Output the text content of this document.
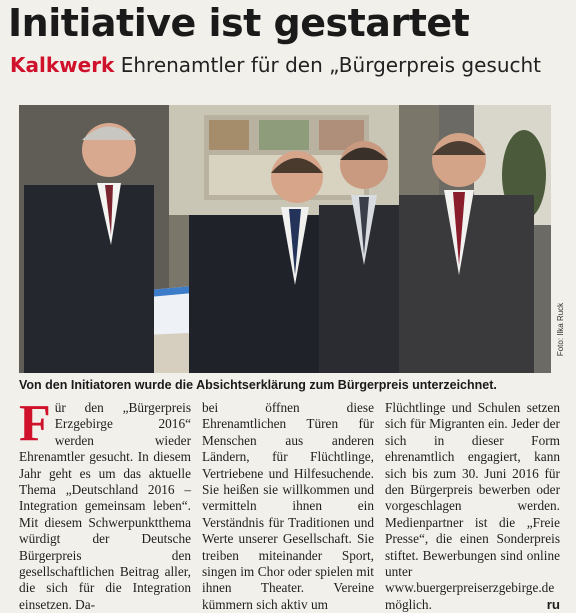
Initiative ist gestartet
Kalkwerk Ehrenamtler für den „Bürgerpreis gesucht
Foto: Ilka Ruck
Von den Initiatoren wurde die Absichtserklärung zum Bürgerpreis unterzeichnet.
Für den „Bürgerpreis Erzgebirge 2016“ werden wieder Ehrenamtler gesucht. In diesem Jahr geht es um das aktuelle Thema „Deutschland 2016 – Integration gemeinsam leben“. Mit diesem Schwerpunktthema würdigt der Deutsche Bürgerpreis den gesellschaftlichen Beitrag aller, die sich für die Integration einsetzen. Da-
bei öffnen diese Ehrenamtlichen Türen für Menschen aus anderen Ländern, für Flüchtlinge, Vertriebene und Hilfesuchende. Sie heißen sie willkommen und vermitteln ihnen ein Verständnis für Traditionen und Werte unserer Gesellschaft. Sie treiben miteinander Sport, singen im Chor oder spielen mit ihnen Theater. Vereine kümmern sich aktiv um
Flüchtlinge und Schulen setzen sich für Migranten ein. Jeder der sich in dieser Form ehrenamtlich engagiert, kann sich bis zum 30. Juni 2016 für den Bürgerpreis bewerben oder vorgeschlagen werden. Medienpartner ist die „Freie Presse“, die einen Sonderpreis stiftet. Bewerbungen sind online unter www.buergerpreiserzgebirge.de möglich.	ru
